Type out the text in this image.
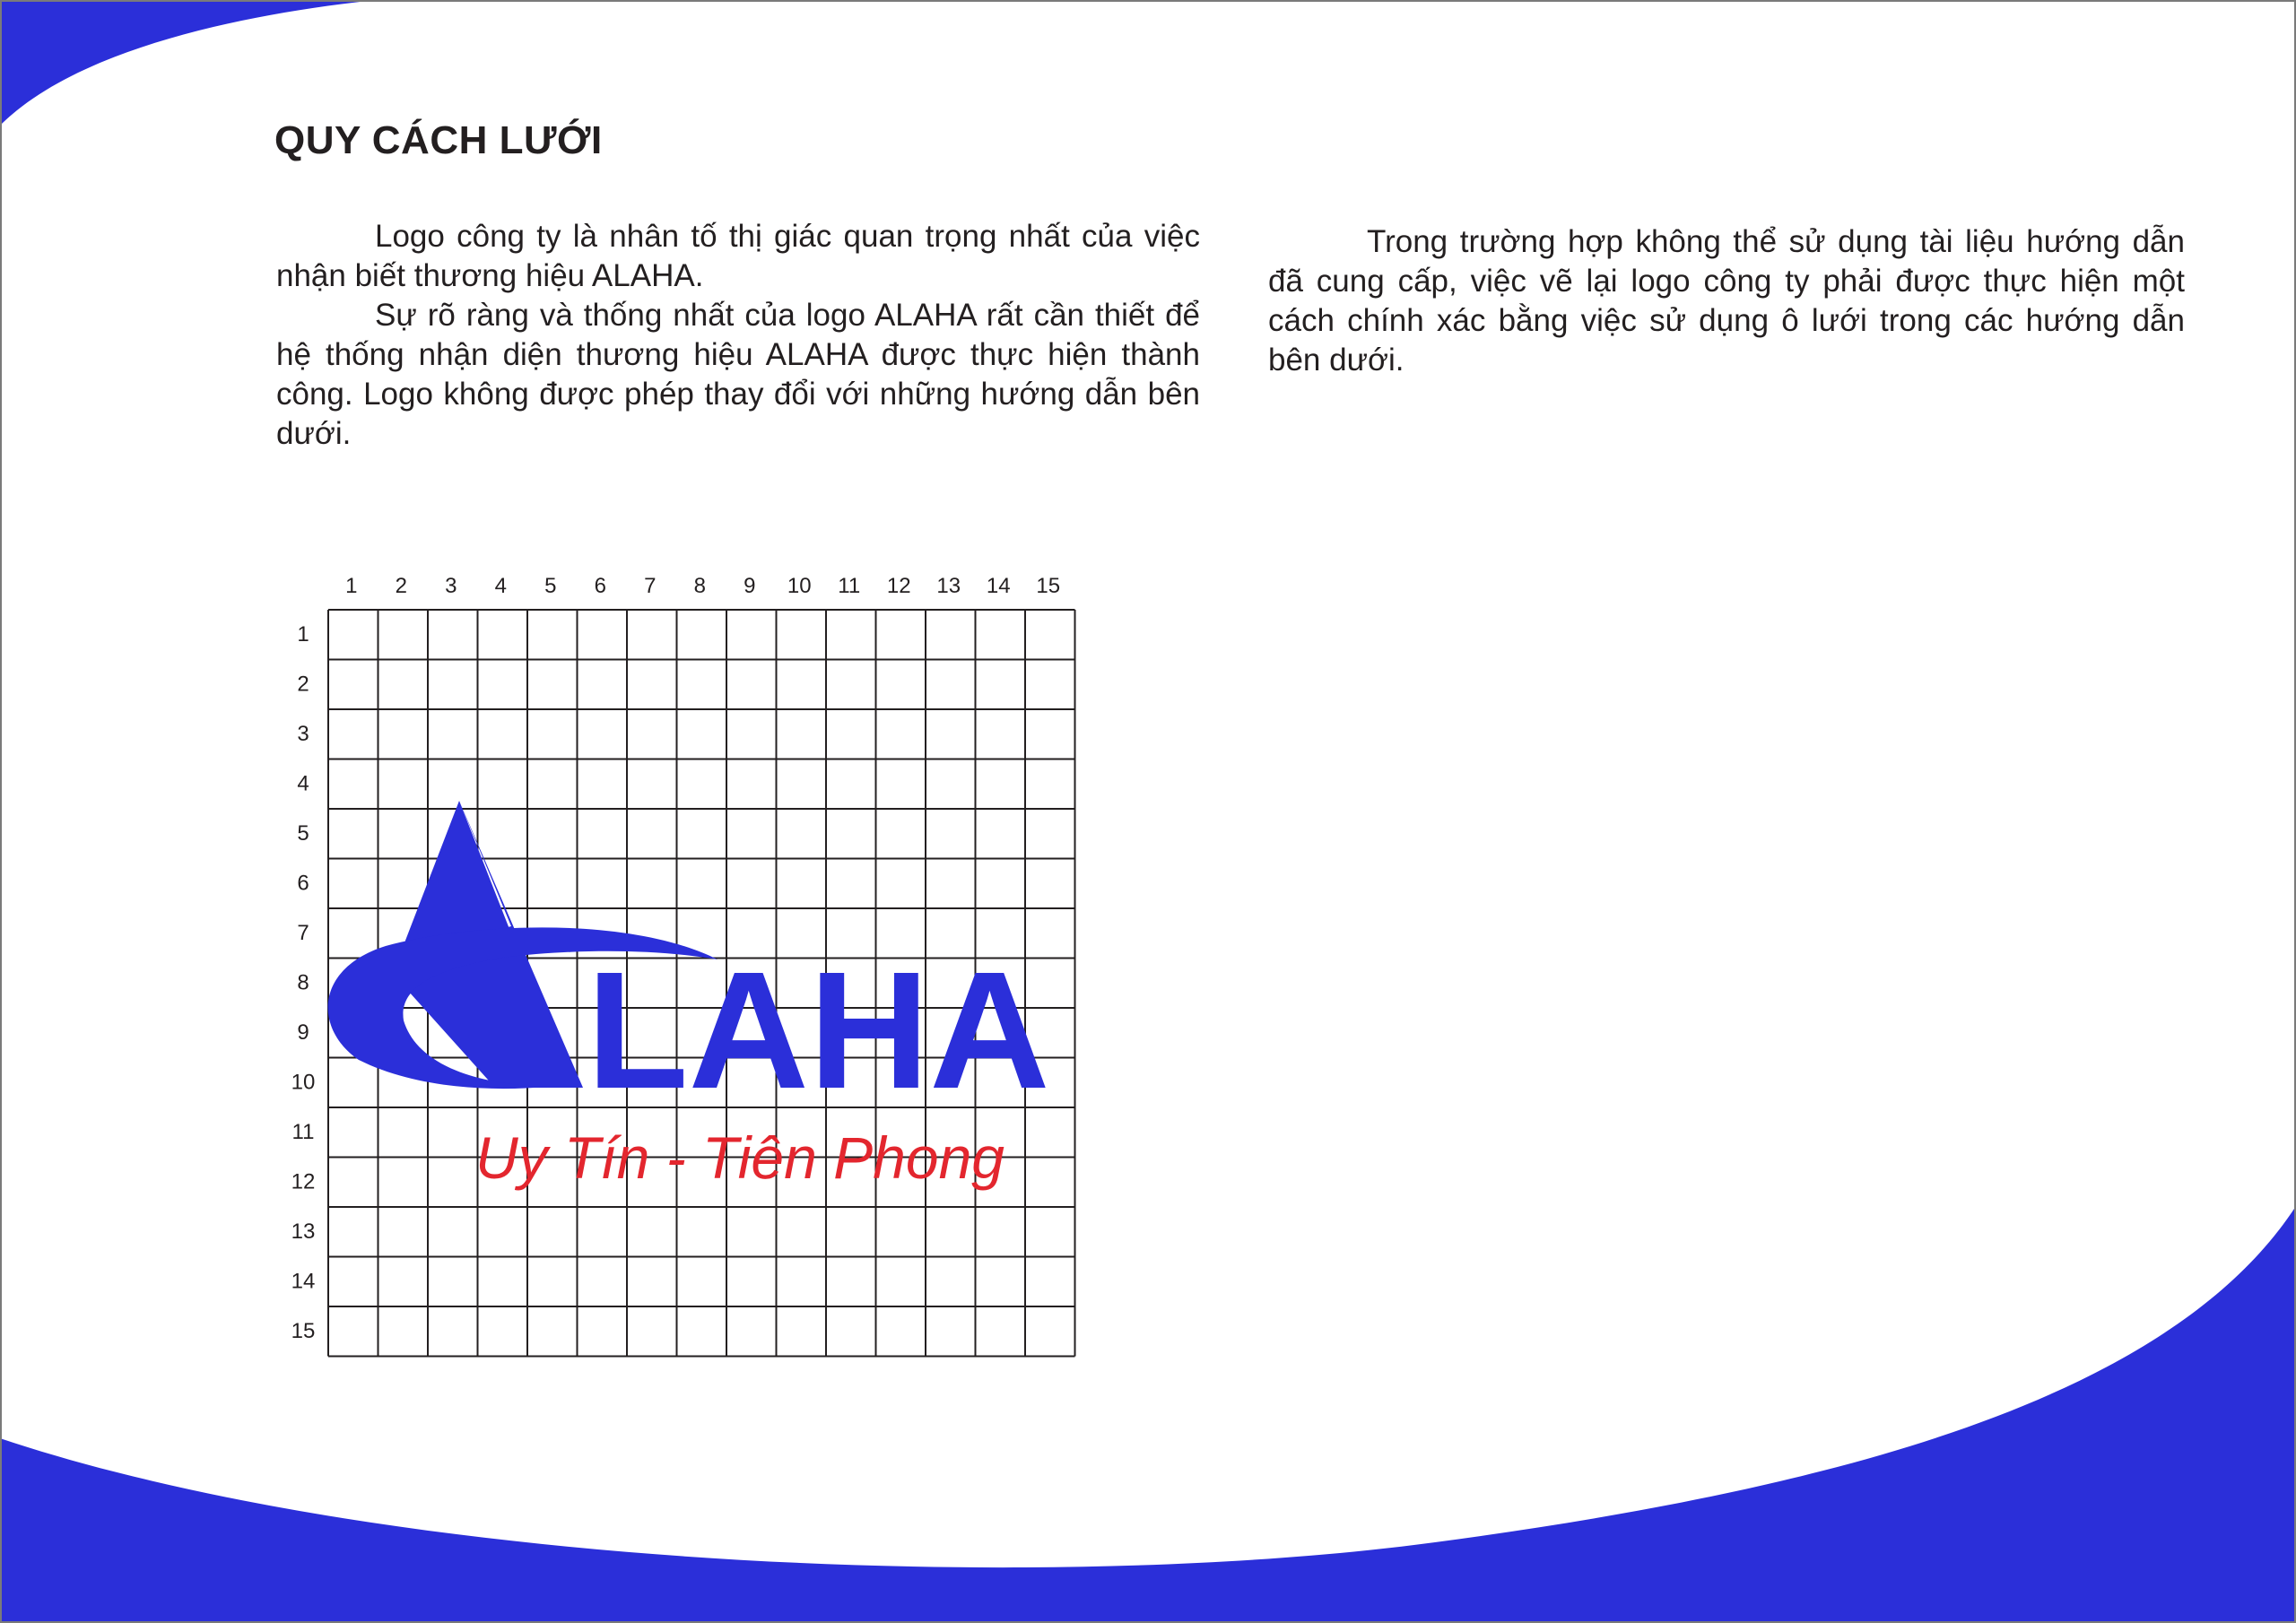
QUY CÁCH LƯỚI

Logo công ty là nhân tố thị giác quan trọng nhất của việc nhận biết thương hiệu ALAHA.

Sự rõ ràng và thống nhất của logo ALAHA rất cần thiết để hệ thống nhận diện thương hiệu ALAHA được thực hiện thành công. Logo không được phép thay đổi với những hướng dẫn bên dưới.

Trong trường hợp không thể sử dụng tài liệu hướng dẫn đã cung cấp, việc vẽ lại logo công ty phải được thực hiện một cách chính xác bằng việc sử dụng ô lưới trong các hướng dẫn bên dưới.

1 2 3 4 5 6 7 8 9 10 11 12 13 14 15
1
2
3
4
5
6
7
8
9
10
11
12
13
14
15
LAHA
Uy Tín - Tiên Phong
